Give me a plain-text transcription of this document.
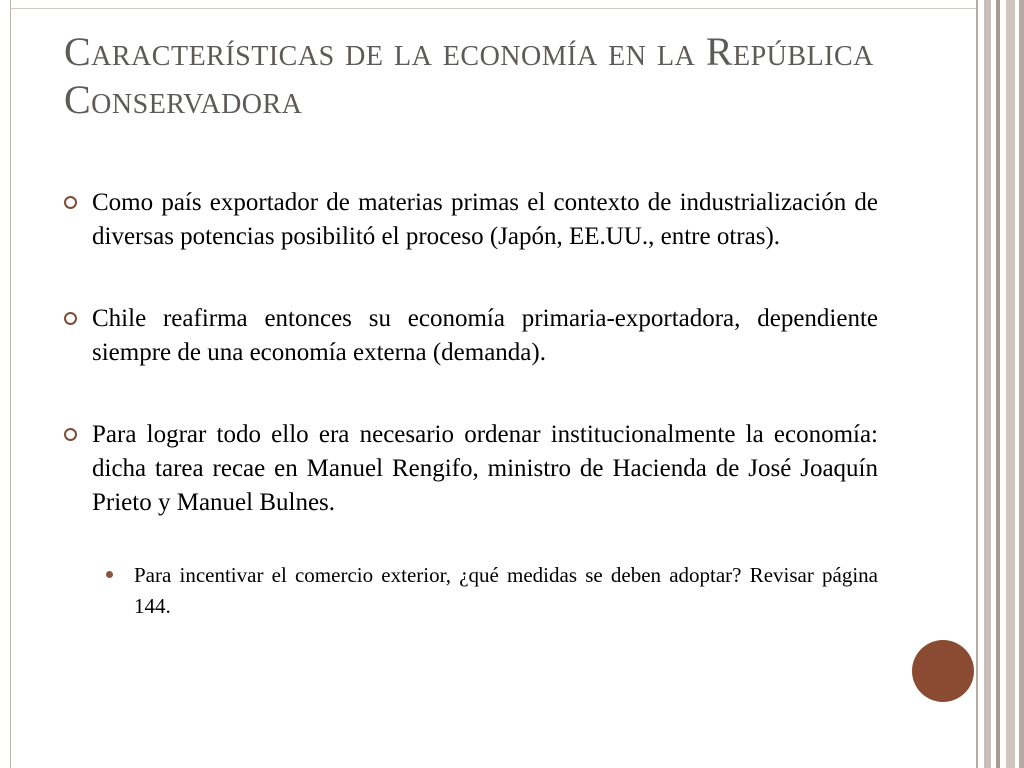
Características de la economía en la República Conservadora
Como país exportador de materias primas el contexto de industrialización de diversas potencias posibilitó el proceso (Japón, EE.UU., entre otras).
Chile reafirma entonces su economía primaria-exportadora, dependiente siempre de una economía externa (demanda).
Para lograr todo ello era necesario ordenar institucionalmente la economía: dicha tarea recae en Manuel Rengifo, ministro de Hacienda de José Joaquín Prieto y Manuel Bulnes.
Para incentivar el comercio exterior, ¿qué medidas se deben adoptar? Revisar página 144.
